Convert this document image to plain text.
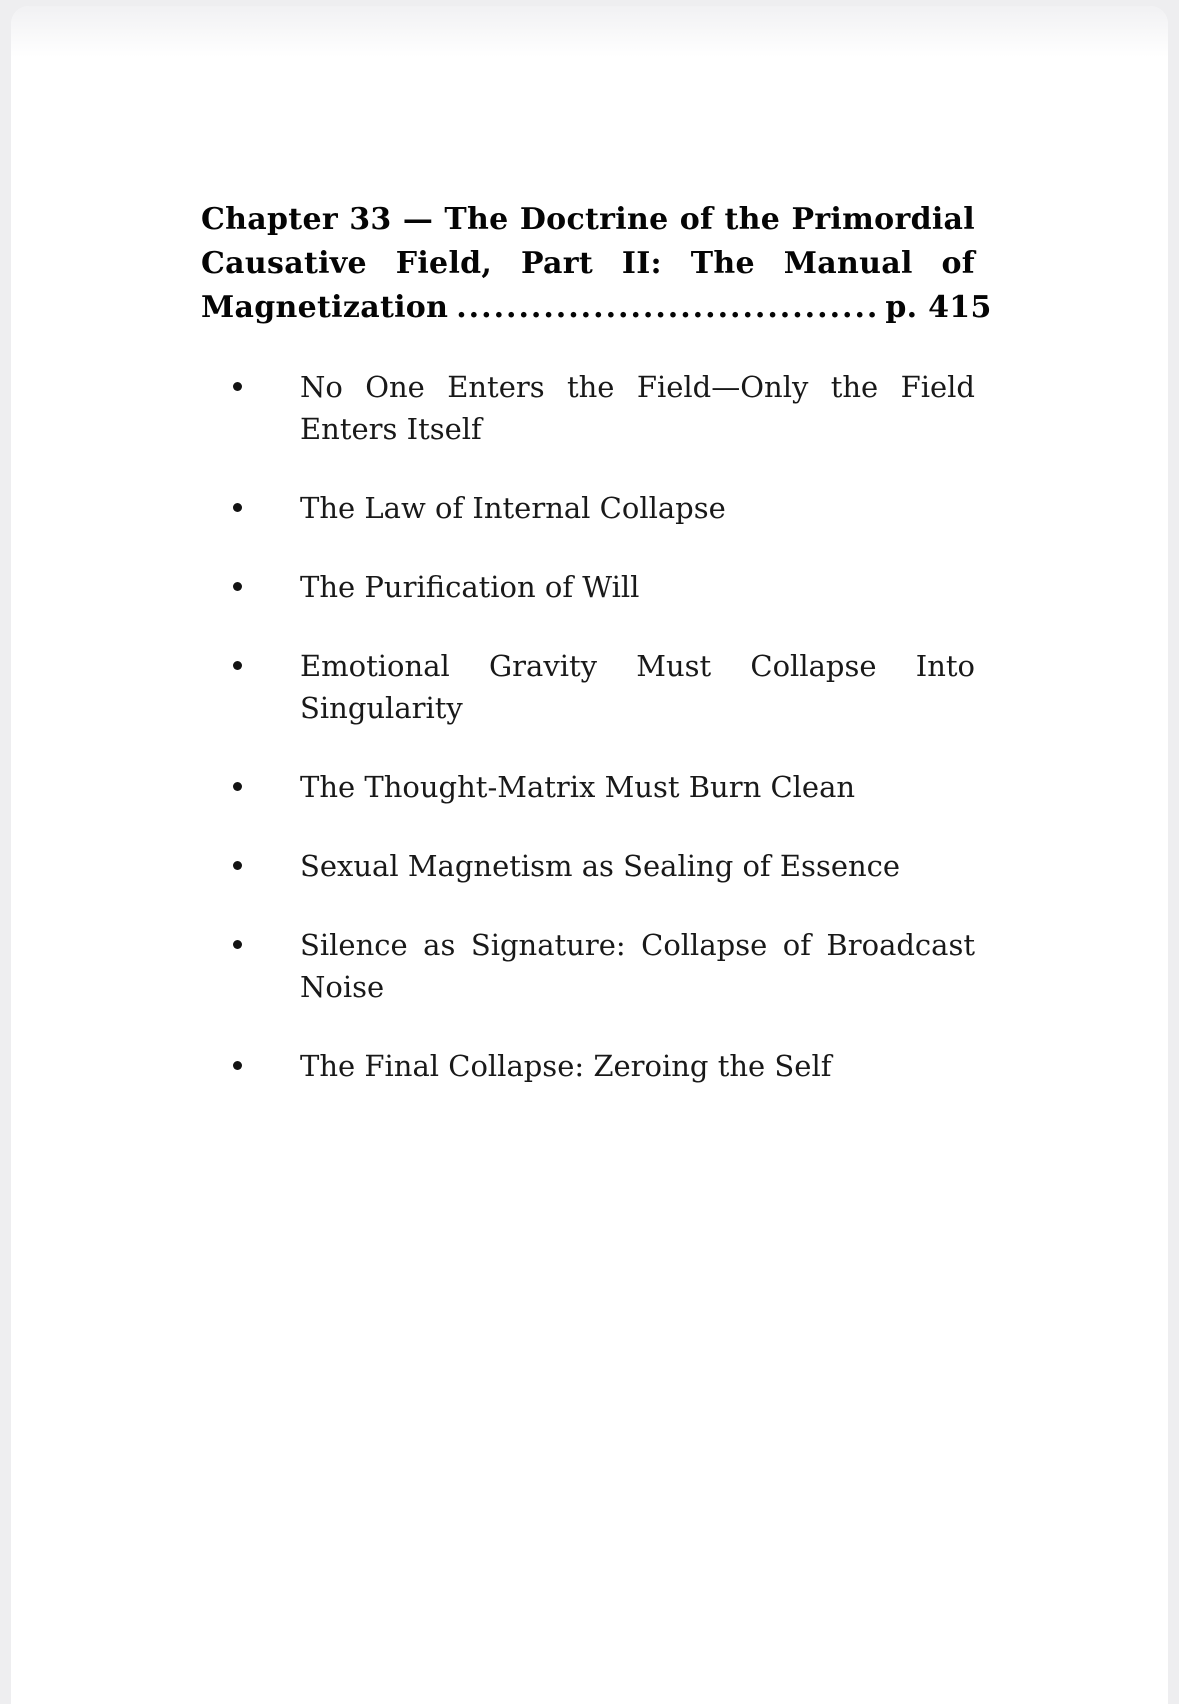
Chapter 33 — The Doctrine of the Primordial
Causative Field, Part II: The Manual of
Magnetization .................................. p. 415
No One Enters the Field—Only the Field
Enters Itself
The Law of Internal Collapse
The Purification of Will
Emotional Gravity Must Collapse Into
Singularity
The Thought-Matrix Must Burn Clean
Sexual Magnetism as Sealing of Essence
Silence as Signature: Collapse of Broadcast
Noise
The Final Collapse: Zeroing the Self
